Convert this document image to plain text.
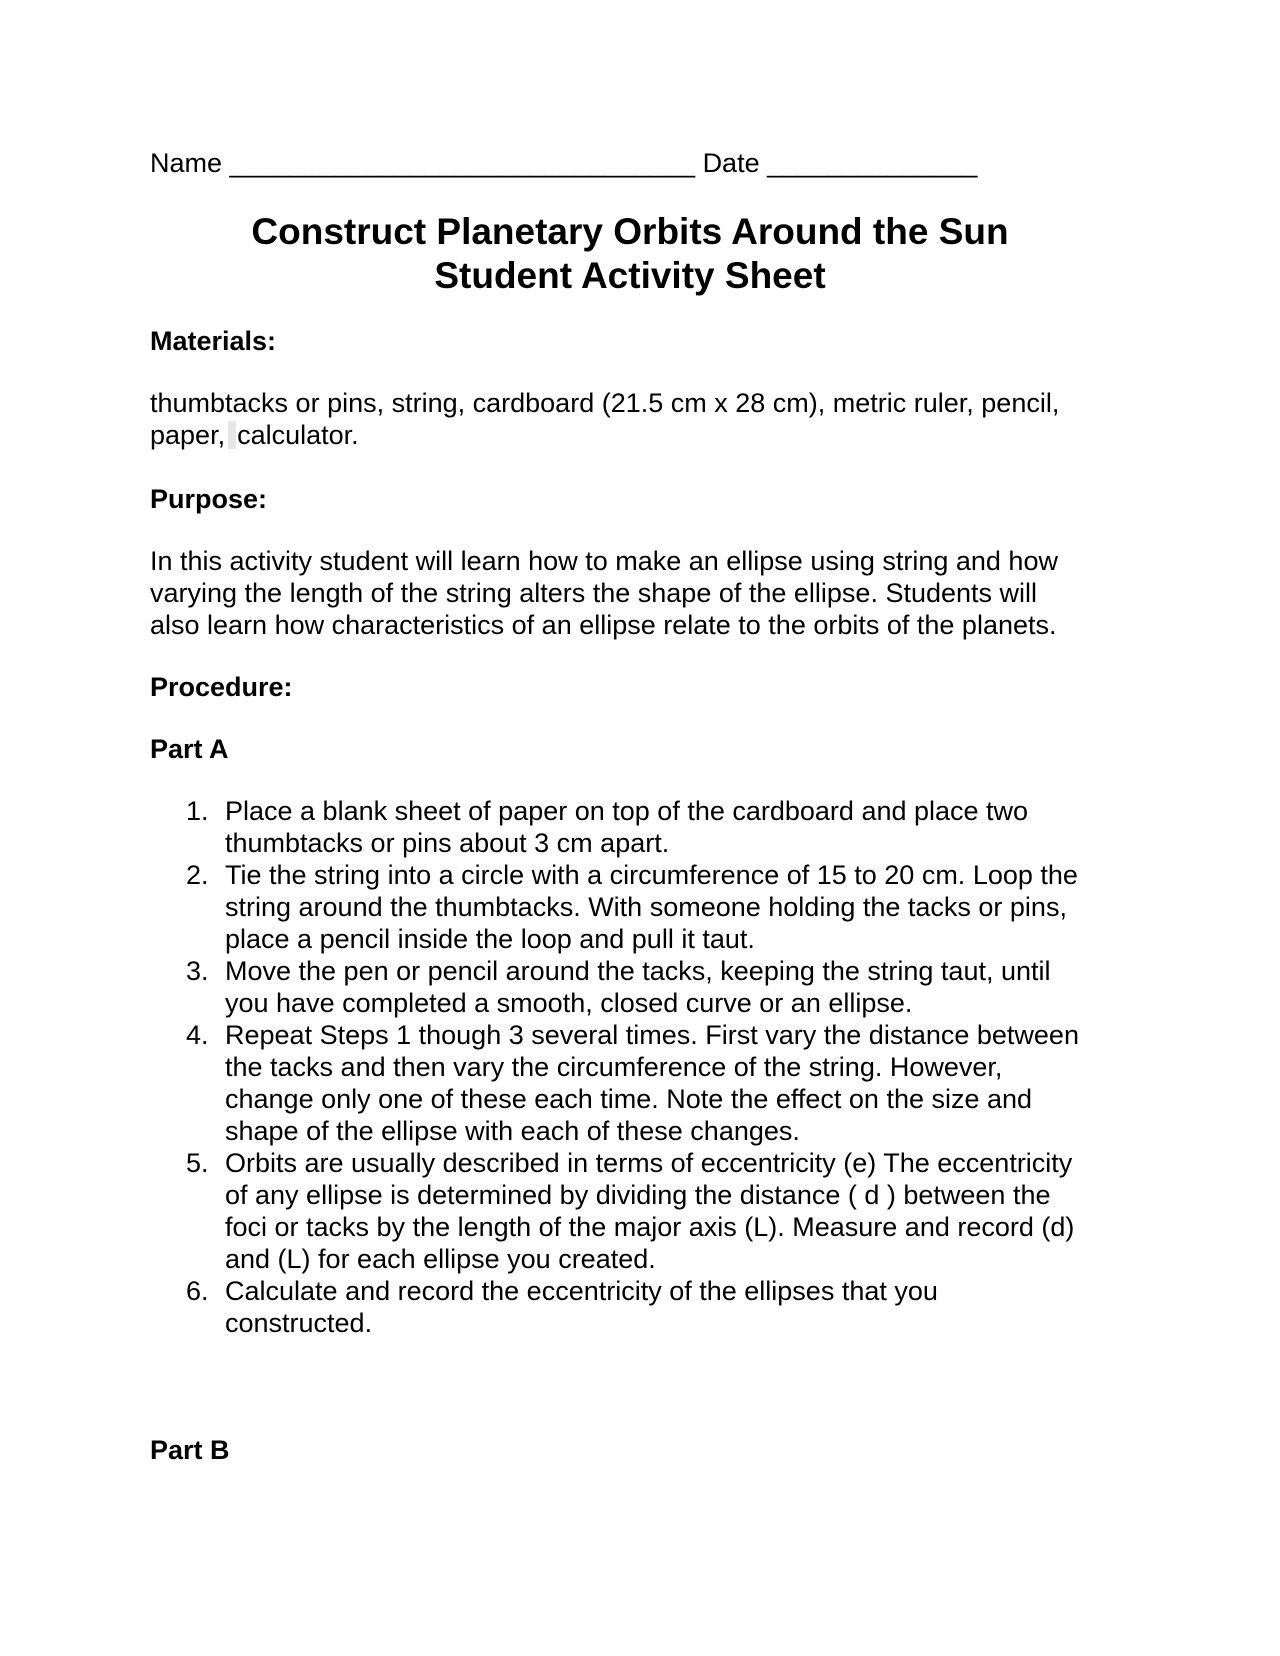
Name _______________________________ Date ______________
Construct Planetary Orbits Around the Sun
Student Activity Sheet
Materials:
thumbtacks or pins, string, cardboard (21.5 cm x 28 cm), metric ruler, pencil,
paper, calculator.
Purpose:
In this activity student will learn how to make an ellipse using string and how
varying the length of the string alters the shape of the ellipse. Students will
also learn how characteristics of an ellipse relate to the orbits of the planets.
Procedure:
Part A
1. Place a blank sheet of paper on top of the cardboard and place two
thumbtacks or pins about 3 cm apart.
2. Tie the string into a circle with a circumference of 15 to 20 cm. Loop the
string around the thumbtacks. With someone holding the tacks or pins,
place a pencil inside the loop and pull it taut.
3. Move the pen or pencil around the tacks, keeping the string taut, until
you have completed a smooth, closed curve or an ellipse.
4. Repeat Steps 1 though 3 several times. First vary the distance between
the tacks and then vary the circumference of the string. However,
change only one of these each time. Note the effect on the size and
shape of the ellipse with each of these changes.
5. Orbits are usually described in terms of eccentricity (e) The eccentricity
of any ellipse is determined by dividing the distance ( d ) between the
foci or tacks by the length of the major axis (L). Measure and record (d)
and (L) for each ellipse you created.
6. Calculate and record the eccentricity of the ellipses that you
constructed.
Part B
